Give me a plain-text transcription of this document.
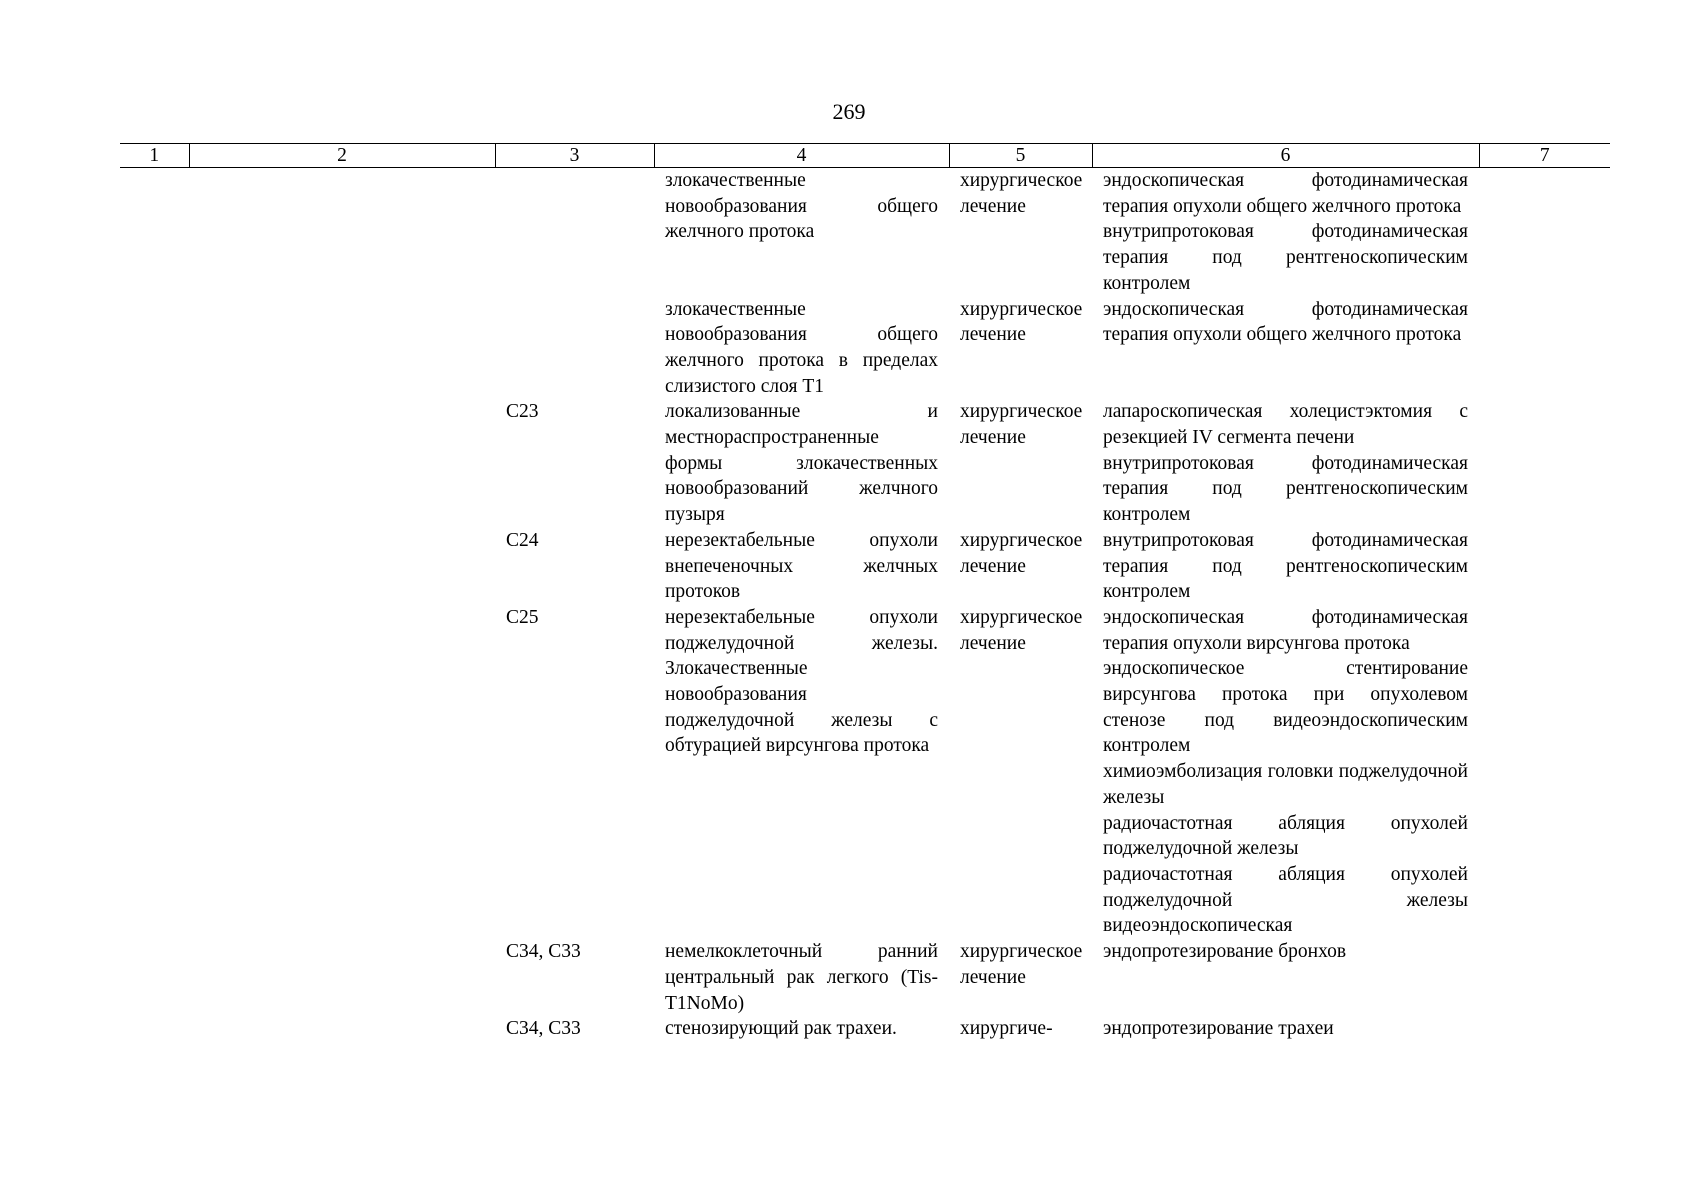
269
1	2	3	4	5	6	7
			злокачественные новообразования общего желчного протока	хирургическое лечение	эндоскопическая фотодинамическая терапия опухоли общего желчного протока
внутрипротоковая фотодинамическая терапия под рентгеноскопическим контролем	

			злокачественные новообразования общего желчного протока в пределах слизистого слоя T1	хирургическое лечение	эндоскопическая фотодинамическая терапия опухоли общего желчного протока	

		C23	локализованные и местнораспространенные формы злокачественных новообразований желчного пузыря	хирургическое лечение	лапароскопическая холецистэктомия с резекцией IV сегмента печени
внутрипротоковая фотодинамическая терапия под рентгеноскопическим контролем	

		C24	нерезектабельные опухоли внепеченочных желчных протоков	хирургическое лечение	внутрипротоковая фотодинамическая терапия под рентгеноскопическим контролем	

		C25	нерезектабельные опухоли поджелудочной железы. Злокачественные новообразования поджелудочной железы с обтурацией вирсунгова протока	хирургическое лечение	эндоскопическая фотодинамическая терапия опухоли вирсунгова протока
эндоскопическое стентирование вирсунгова протока при опухолевом стенозе под видеоэндоскопическим контролем
химиоэмболизация головки поджелудочной железы
радиочастотная абляция опухолей поджелудочной железы
радиочастотная абляция опухолей поджелудочной железы видеоэндоскопическая	

		C34, C33	немелкоклеточный ранний центральный рак легкого (Tis-T1NoMo)	хирургическое лечение	эндопротезирование бронхов	

		C34, C33	стенозирующий рак трахеи.	хирургиче-	эндопротезирование трахеи	
